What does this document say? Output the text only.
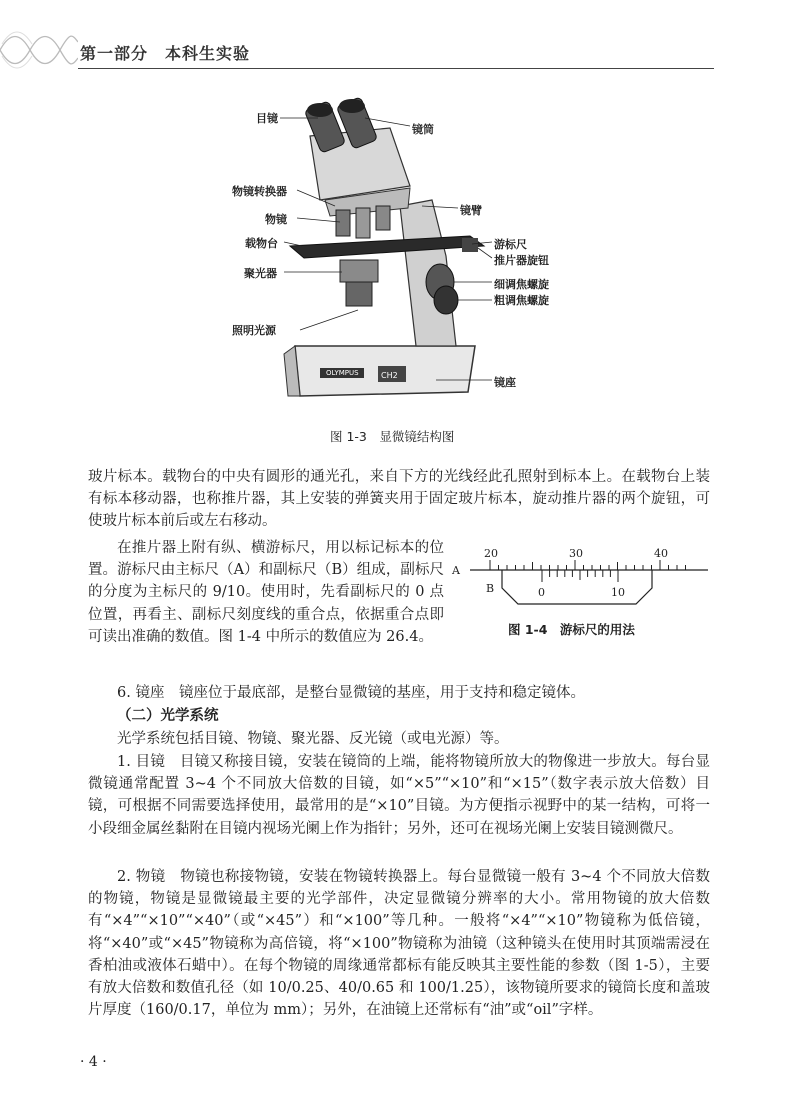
第一部分　本科生实验
OLYMPUS	CH2
目镜
镜筒
物镜转换器
镜臂
物镜
载物台	游标尺
推片器旋钮
聚光器
细调焦螺旋
粗调焦螺旋
照明光源
镜座
图 1-3　显微镜结构图

玻片标本。载物台的中央有圆形的通光孔，来自下方的光线经此孔照射到标本上。在载物台上装有标本移动器，也称推片器，其上安装的弹簧夹用于固定玻片标本，旋动推片器的两个旋钮，可使玻片标本前后或左右移动。

在推片器上附有纵、横游标尺，用以标记标本的位置。游标尺由主标尺（A）和副标尺（B）组成，副标尺的分度为主标尺的 9/10。使用时，先看副标尺的 0 点位置，再看主、副标尺刻度线的重合点，依据重合点即可读出准确的数值。图 1-4 中所示的数值应为 26.4。

20	30	40
0	10
A
B
图 1-4　游标尺的用法

6. 镜座　镜座位于最底部，是整台显微镜的基座，用于支持和稳定镜体。

（二）光学系统

光学系统包括目镜、物镜、聚光器、反光镜（或电光源）等。

1. 目镜　目镜又称接目镜，安装在镜筒的上端，能将物镜所放大的物像进一步放大。每台显微镜通常配置 3~4 个不同放大倍数的目镜，如“×5”“×10”和“×15”（数字表示放大倍数）目镜，可根据不同需要选择使用，最常用的是“×10”目镜。为方便指示视野中的某一结构，可将一小段细金属丝黏附在目镜内视场光阑上作为指针；另外，还可在视场光阑上安装目镜测微尺。

2. 物镜　物镜也称接物镜，安装在物镜转换器上。每台显微镜一般有 3~4 个不同放大倍数的物镜，物镜是显微镜最主要的光学部件，决定显微镜分辨率的大小。常用物镜的放大倍数有“×4”“×10”“×40”（或“×45”）和“×100”等几种。一般将“×4”“×10”物镜称为低倍镜，将“×40”或“×45”物镜称为高倍镜，将“×100”物镜称为油镜（这种镜头在使用时其顶端需浸在香柏油或液体石蜡中）。在每个物镜的周缘通常都标有能反映其主要性能的参数（图 1-5），主要有放大倍数和数值孔径（如 10/0.25、40/0.65 和 100/1.25），该物镜所要求的镜筒长度和盖玻片厚度（160/0.17，单位为 mm）；另外，在油镜上还常标有“油”或“oil”字样。

· 4 ·
